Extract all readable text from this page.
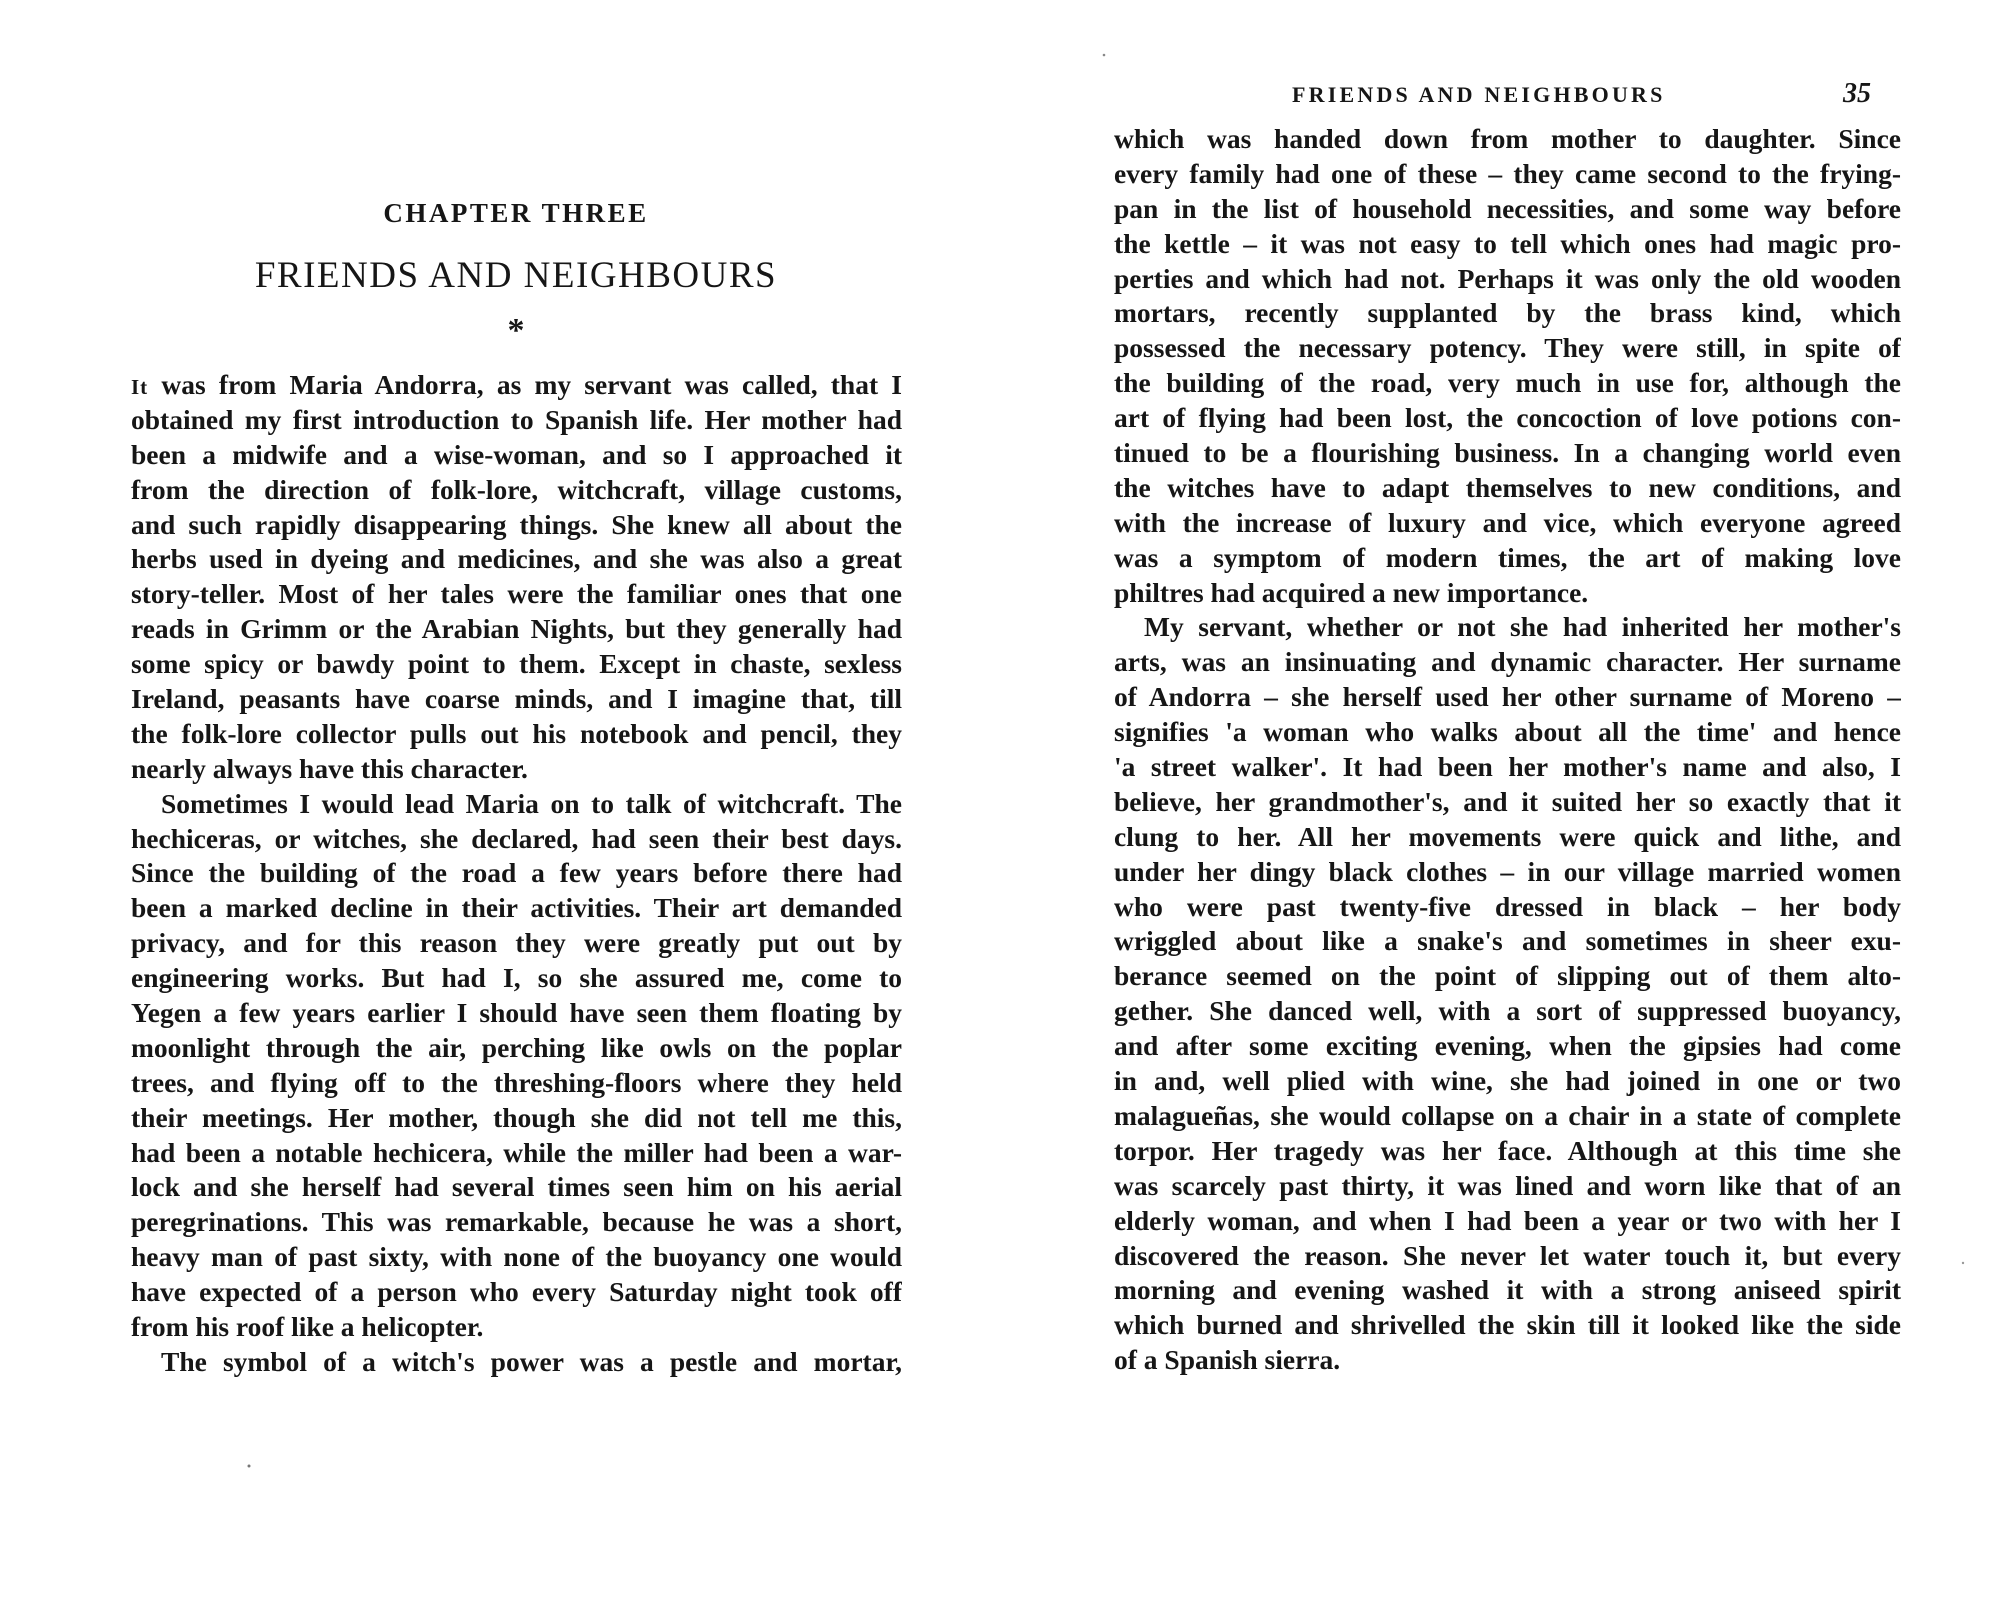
CHAPTER THREE
FRIENDS AND NEIGHBOURS
*
It was from Maria Andorra, as my servant was called, that I
obtained my first introduction to Spanish life. Her mother had
been a midwife and a wise-woman, and so I approached it
from the direction of folk-lore, witchcraft, village customs,
and such rapidly disappearing things. She knew all about the
herbs used in dyeing and medicines, and she was also a great
story-teller. Most of her tales were the familiar ones that one
reads in Grimm or the Arabian Nights, but they generally had
some spicy or bawdy point to them. Except in chaste, sexless
Ireland, peasants have coarse minds, and I imagine that, till
the folk-lore collector pulls out his notebook and pencil, they
nearly always have this character.
Sometimes I would lead Maria on to talk of witchcraft. The
hechiceras, or witches, she declared, had seen their best days.
Since the building of the road a few years before there had
been a marked decline in their activities. Their art demanded
privacy, and for this reason they were greatly put out by
engineering works. But had I, so she assured me, come to
Yegen a few years earlier I should have seen them floating by
moonlight through the air, perching like owls on the poplar
trees, and flying off to the threshing-floors where they held
their meetings. Her mother, though she did not tell me this,
had been a notable hechicera, while the miller had been a war-
lock and she herself had several times seen him on his aerial
peregrinations. This was remarkable, because he was a short,
heavy man of past sixty, with none of the buoyancy one would
have expected of a person who every Saturday night took off
from his roof like a helicopter.
The symbol of a witch's power was a pestle and mortar,
FRIENDS AND NEIGHBOURS	35
which was handed down from mother to daughter. Since
every family had one of these – they came second to the frying-
pan in the list of household necessities, and some way before
the kettle – it was not easy to tell which ones had magic pro-
perties and which had not. Perhaps it was only the old wooden
mortars, recently supplanted by the brass kind, which
possessed the necessary potency. They were still, in spite of
the building of the road, very much in use for, although the
art of flying had been lost, the concoction of love potions con-
tinued to be a flourishing business. In a changing world even
the witches have to adapt themselves to new conditions, and
with the increase of luxury and vice, which everyone agreed
was a symptom of modern times, the art of making love
philtres had acquired a new importance.
My servant, whether or not she had inherited her mother's
arts, was an insinuating and dynamic character. Her surname
of Andorra – she herself used her other surname of Moreno –
signifies 'a woman who walks about all the time' and hence
'a street walker'. It had been her mother's name and also, I
believe, her grandmother's, and it suited her so exactly that it
clung to her. All her movements were quick and lithe, and
under her dingy black clothes – in our village married women
who were past twenty-five dressed in black – her body
wriggled about like a snake's and sometimes in sheer exu-
berance seemed on the point of slipping out of them alto-
gether. She danced well, with a sort of suppressed buoyancy,
and after some exciting evening, when the gipsies had come
in and, well plied with wine, she had joined in one or two
malagueñas, she would collapse on a chair in a state of complete
torpor. Her tragedy was her face. Although at this time she
was scarcely past thirty, it was lined and worn like that of an
elderly woman, and when I had been a year or two with her I
discovered the reason. She never let water touch it, but every
morning and evening washed it with a strong aniseed spirit
which burned and shrivelled the skin till it looked like the side
of a Spanish sierra.
